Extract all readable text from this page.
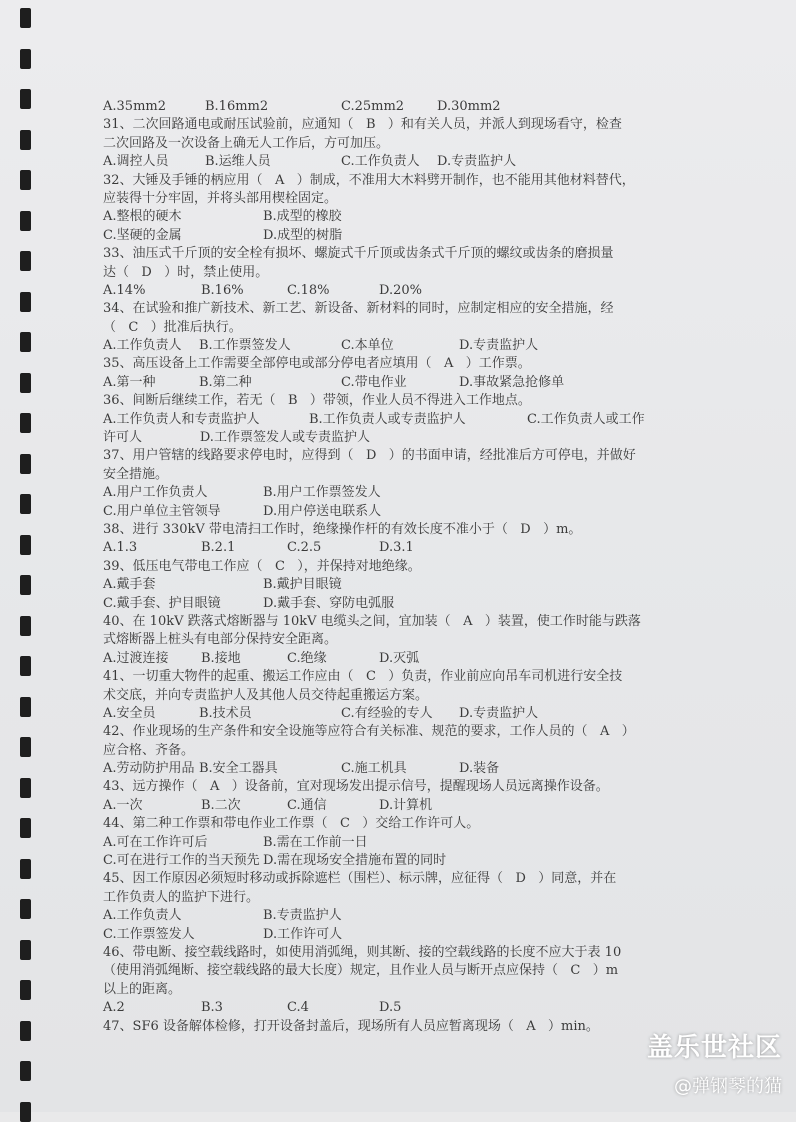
A.35mm2	B.16mm2	C.25mm2	D.30mm2
31、二次回路通电或耐压试验前，应通知（   B   ）和有关人员，并派人到现场看守，检查
二次回路及一次设备上确无人工作后，方可加压。
A.调控人员	B.运维人员	C.工作负责人 D.专责监护人
32、大锤及手锤的柄应用（   A   ）制成，不准用大木料劈开制作，也不能用其他材料替代，
应装得十分牢固，并将头部用楔栓固定。
A.整根的硬木	B.成型的橡胶
C.坚硬的金属	D.成型的树脂
33、油压式千斤顶的安全栓有损坏、螺旋式千斤顶或齿条式千斤顶的螺纹或齿条的磨损量
达（   D   ）时，禁止使用。
A.14%	B.16%	C.18%	D.20%
34、在试验和推广新技术、新工艺、新设备、新材料的同时，应制定相应的安全措施，经
（   C   ）批准后执行。
A.工作负责人 B.工作票签发人	C.本单位	D.专责监护人
35、高压设备上工作需要全部停电或部分停电者应填用（   A   ）工作票。
A.第一种	B.第二种	C.带电作业	D.事故紧急抢修单
36、间断后继续工作，若无（   B   ）带领，作业人员不得进入工作地点。
A.工作负责人和专责监护人	B.工作负责人或专责监护人	C.工作负责人或工作
许可人              D.工作票签发人或专责监护人
37、用户管辖的线路要求停电时，应得到（   D   ）的书面申请，经批准后方可停电，并做好
安全措施。
A.用户工作负责人	B.用户工作票签发人
C.用户单位主管领导	D.用户停送电联系人
38、进行 330kV 带电清扫工作时，绝缘操作杆的有效长度不准小于（   D   ）m。
A.1.3	B.2.1	C.2.5	D.3.1
39、低压电气带电工作应（   C   ），并保持对地绝缘。
A.戴手套	B.戴护目眼镜
C.戴手套、护目眼镜	D.戴手套、穿防电弧服
40、在 10kV 跌落式熔断器与 10kV 电缆头之间，宜加装（   A   ）装置，使工作时能与跌落
式熔断器上桩头有电部分保持安全距离。
A.过渡连接 B.接地	C.绝缘	D.灭弧
41、一切重大物件的起重、搬运工作应由（   C   ）负责，作业前应向吊车司机进行安全技
术交底，并向专责监护人及其他人员交待起重搬运方案。
A.安全员	B.技术员	C.有经验的专人 D.专责监护人
42、作业现场的生产条件和安全设施等应符合有关标准、规范的要求，工作人员的（   A   ）
应合格、齐备。
A.劳动防护用品 B.安全工器具	C.施工机具	D.装备
43、远方操作（   A   ）设备前，宜对现场发出提示信号，提醒现场人员远离操作设备。
A.一次	B.二次	C.通信	D.计算机
44、第二种工作票和带电作业工作票（   C   ）交给工作许可人。
A.可在工作许可后	B.需在工作前一日
C.可在进行工作的当天预先 D.需在现场安全措施布置的同时
45、因工作原因必须短时移动或拆除遮栏（围栏）、标示牌，应征得（   D   ）同意，并在
工作负责人的监护下进行。
A.工作负责人	B.专责监护人
C.工作票签发人	D.工作许可人
46、带电断、接空载线路时，如使用消弧绳，则其断、接的空载线路的长度不应大于表 10
（使用消弧绳断、接空载线路的最大长度）规定，且作业人员与断开点应保持（   C   ）m
以上的距离。
A.2	B.3	C.4	D.5
47、SF6 设备解体检修，打开设备封盖后，现场所有人员应暂离现场（   A   ）min。
盖乐世社区
@弹钢琴的猫
